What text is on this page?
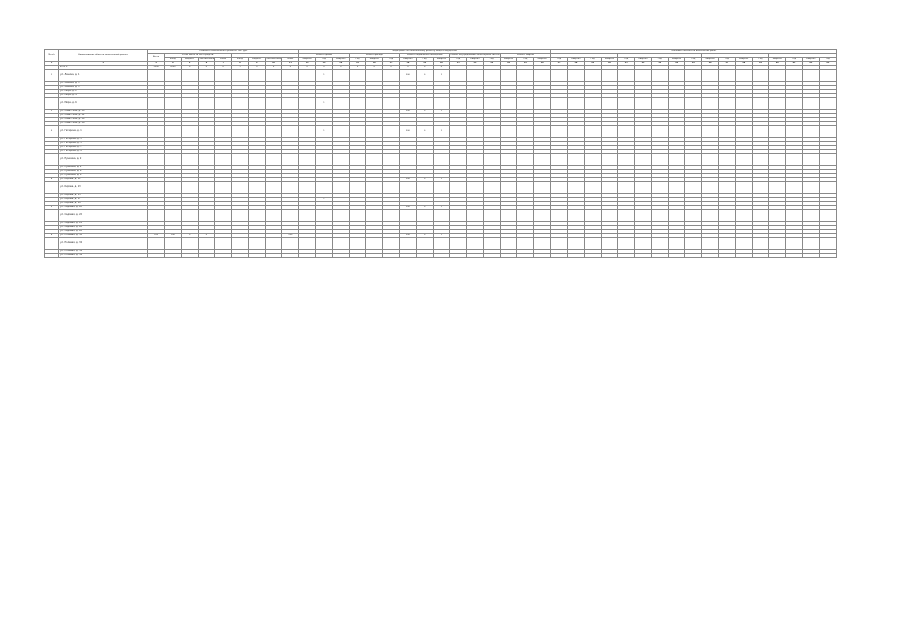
№ п/п	Наименование объекта капитальный ремонт	Стоимость капитального ремонта, тыс. руб.									Виды работ по капитальному ремонту общего имущества															Плановые показатели выполнения работ																
		Всего	в том числе за счет средств:								Ремонт крыши			Ремонт фасада			Ремонт подвальных помещений			Ремонт внутридомовых инженерных систем			Ремонт лифтов																			
			Фонд	Бюджет	Собственники	Иные	Фонд	Бюджет	Собственники	Иные	Квартал	Год	Квартал	Год	Квартал	Год	Квартал	Год	Квартал	Год	Квартал	Год	Квартал	Год	Квартал	Год	Квартал	Год	Квартал	Год	Квартал	Год	Квартал	Год	Квартал	Год	Квартал	Год	Квартал	Год	Квартал	Год
1	2	3	4	5	6	7	8	9	10	11	12	13	14	15	16	17	18	19	20	21	22	23	24	25	26	27	28	29	30	31	32	33	34	35	36	37	38	39	40	41	42	43
	Итого	1000	2000	0	0	0	1	0	0	0	0	0	0	0	0	0	0	0	0																							
1	ул. Ленина, д. 1											1					200	0	1																							
	ул. Ленина, д. 3																																									
	ул. Ленина, д. 5																																									
	ул. Мира, д. 2																																									
	ул. Мира, д. 4																																									
	ул. Мира, д. 6											1																														
2	ул. Советская, д. 10																200	0	1																							
	ул. Советская, д. 12																																									
	ул. Советская, д. 14																																									
	ул. Советская, д. 16																																									
3	ул. Гагарина, д. 1											1					200	0	1																							
	ул. Гагарина, д. 3																																									
	ул. Гагарина, д. 5																																									
	ул. Гагарина, д. 7																																									
	ул. Гагарина, д. 9																																									
	ул. Пушкина, д. 2																																									
	ул. Пушкина, д. 4																																									
	ул. Пушкина, д. 6																																									
	ул. Пушкина, д. 8																																									
4	ул. Кирова, д. 11																200	0	1																							
	ул. Кирова, д. 13																																									
	ул. Кирова, д. 15																																									
	ул. Кирова, д. 17											1																														
	ул. Кирова, д. 19																																									
5	ул. Садовая, д. 20																200	0	1																							
	ул. Садовая, д. 22																																									
	ул. Садовая, д. 24																																									
	ул. Садовая, д. 26																																									
	ул. Садовая, д. 28																																									
6	ул. Полевая, д. 30	100	100	0	0					200							200	0	1																							
	ул. Полевая, д. 32																																									
	ул. Полевая, д. 34																																									
	ул. Полевая, д. 36																																									
